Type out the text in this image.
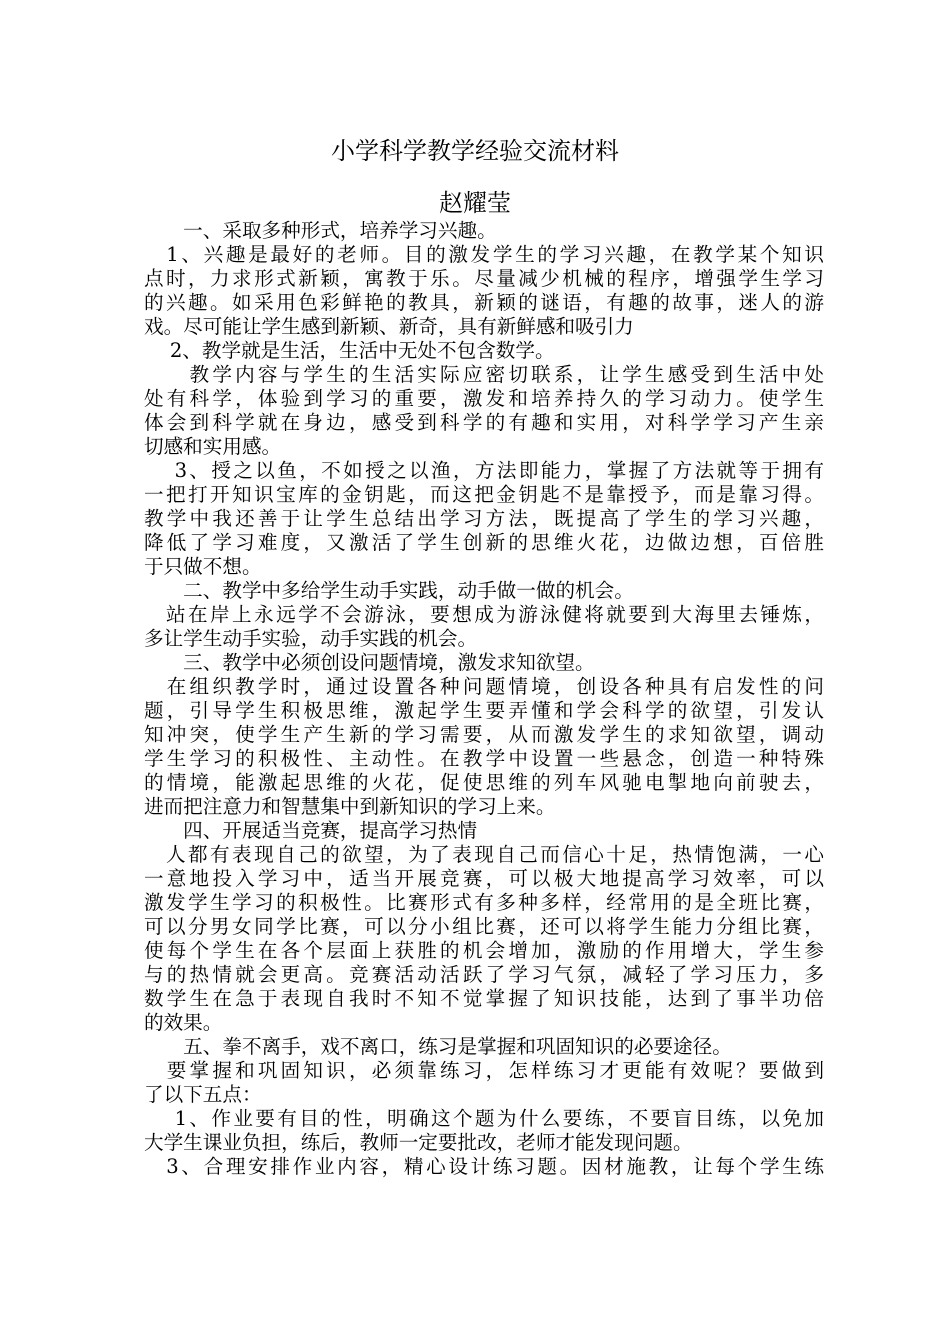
小学科学教学经验交流材料
赵耀莹
　　一、采取多种形式，培养学习兴趣。
　1、兴趣是最好的老师。目的激发学生的学习兴趣，在教学某个知识
点时，力求形式新颖，寓教于乐。尽量减少机械的程序，增强学生学习
的兴趣。如采用色彩鲜艳的教具，新颖的谜语，有趣的故事，迷人的游
戏。尽可能让学生感到新颖、新奇，具有新鲜感和吸引力
　 2、教学就是生活，生活中无处不包含数学。
　　教学内容与学生的生活实际应密切联系，让学生感受到生活中处
处有科学，体验到学习的重要，激发和培养持久的学习动力。使学生
体会到科学就在身边，感受到科学的有趣和实用，对科学学习产生亲
切感和实用感。
　 3、授之以鱼，不如授之以渔，方法即能力，掌握了方法就等于拥有
一把打开知识宝库的金钥匙，而这把金钥匙不是靠授予，而是靠习得。
教学中我还善于让学生总结出学习方法，既提高了学生的学习兴趣，
降低了学习难度，又激活了学生创新的思维火花，边做边想，百倍胜
于只做不想。
　　二、教学中多给学生动手实践，动手做一做的机会。
　站在岸上永远学不会游泳，要想成为游泳健将就要到大海里去锤炼，
多让学生动手实验，动手实践的机会。
　　三、教学中必须创设问题情境，激发求知欲望。
　在组织教学时，通过设置各种问题情境，创设各种具有启发性的问
题，引导学生积极思维，激起学生要弄懂和学会科学的欲望，引发认
知冲突，使学生产生新的学习需要，从而激发学生的求知欲望，调动
学生学习的积极性、主动性。在教学中设置一些悬念，创造一种特殊
的情境，能激起思维的火花，促使思维的列车风驰电掣地向前驶去，
进而把注意力和智慧集中到新知识的学习上来。
　　四、开展适当竞赛，提高学习热情
　人都有表现自己的欲望，为了表现自己而信心十足，热情饱满，一心
一意地投入学习中，适当开展竞赛，可以极大地提高学习效率，可以
激发学生学习的积极性。比赛形式有多种多样，经常用的是全班比赛，
可以分男女同学比赛，可以分小组比赛，还可以将学生能力分组比赛，
使每个学生在各个层面上获胜的机会增加，激励的作用增大，学生参
与的热情就会更高。竞赛活动活跃了学习气氛，减轻了学习压力，多
数学生在急于表现自我时不知不觉掌握了知识技能，达到了事半功倍
的效果。
　　五、拳不离手，戏不离口，练习是掌握和巩固知识的必要途径。
　要掌握和巩固知识，必须靠练习，怎样练习才更能有效呢？要做到
了以下五点：
　 1、作业要有目的性，明确这个题为什么要练，不要盲目练，以免加
大学生课业负担，练后，教师一定要批改，老师才能发现问题。
　3、合理安排作业内容，精心设计练习题。因材施教，让每个学生练
